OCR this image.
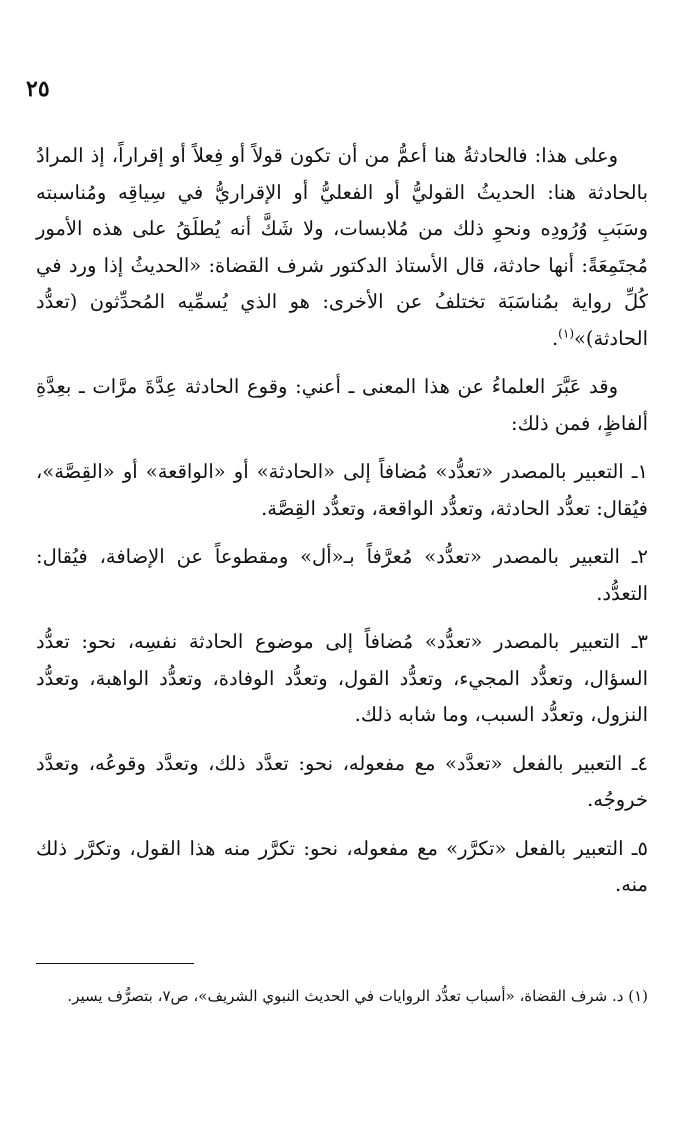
٢٥

وعلى هذا: فالحادثةُ هنا أعمُّ من أن تكون قولاً أو فِعلاً أو إقراراً، إذ المرادُ بالحادثة هنا: الحديثُ القوليُّ أو الفعليُّ أو الإقراريُّ في سِياقِه ومُناسبته وسَبَبِ وُرُودِه ونحوِ ذلك من مُلابسات، ولا شَكَّ أنه يُطلَقُ على هذه الأمور مُجتَمِعَةً: أنها حادثة، قال الأستاذ الدكتور شرف القضاة: «الحديثُ إذا ورد في كُلِّ رواية بمُناسَبَة تختلفُ عن الأخرى: هو الذي يُسمِّيه المُحدِّثون (تعدُّد الحادثة)»$^{(١)}$.

وقد عَبَّرَ العلماءُ عن هذا المعنى ـ أعني: وقوع الحادثة عِدَّةَ مرَّات ـ بعِدَّةِ ألفاظٍ، فمن ذلك:

١ـ التعبير بالمصدر «تعدُّد» مُضافاً إلى «الحادثة» أو «الواقعة» أو «القِصَّة»، فيُقال: تعدُّد الحادثة، وتعدُّد الواقعة، وتعدُّد القِصَّة.

٢ـ التعبير بالمصدر «تعدُّد» مُعرَّفاً بـ«أل» ومقطوعاً عن الإضافة، فيُقال: التعدُّد.

٣ـ التعبير بالمصدر «تعدُّد» مُضافاً إلى موضوع الحادثة نفسِه، نحو: تعدُّد السؤال، وتعدُّد المجيء، وتعدُّد القول، وتعدُّد الوفادة، وتعدُّد الواهبة، وتعدُّد النزول، وتعدُّد السبب، وما شابه ذلك.

٤ـ التعبير بالفعل «تعدَّد» مع مفعوله، نحو: تعدَّد ذلك، وتعدَّد وقوعُه، وتعدَّد خروجُه.

٥ـ التعبير بالفعل «تكرَّر» مع مفعوله، نحو: تكرَّر منه هذا القول، وتكرَّر ذلك منه.

(١) د. شرف القضاة، «أسباب تعدُّد الروايات في الحديث النبوي الشريف»، ص٧، بتصرُّف يسير.
